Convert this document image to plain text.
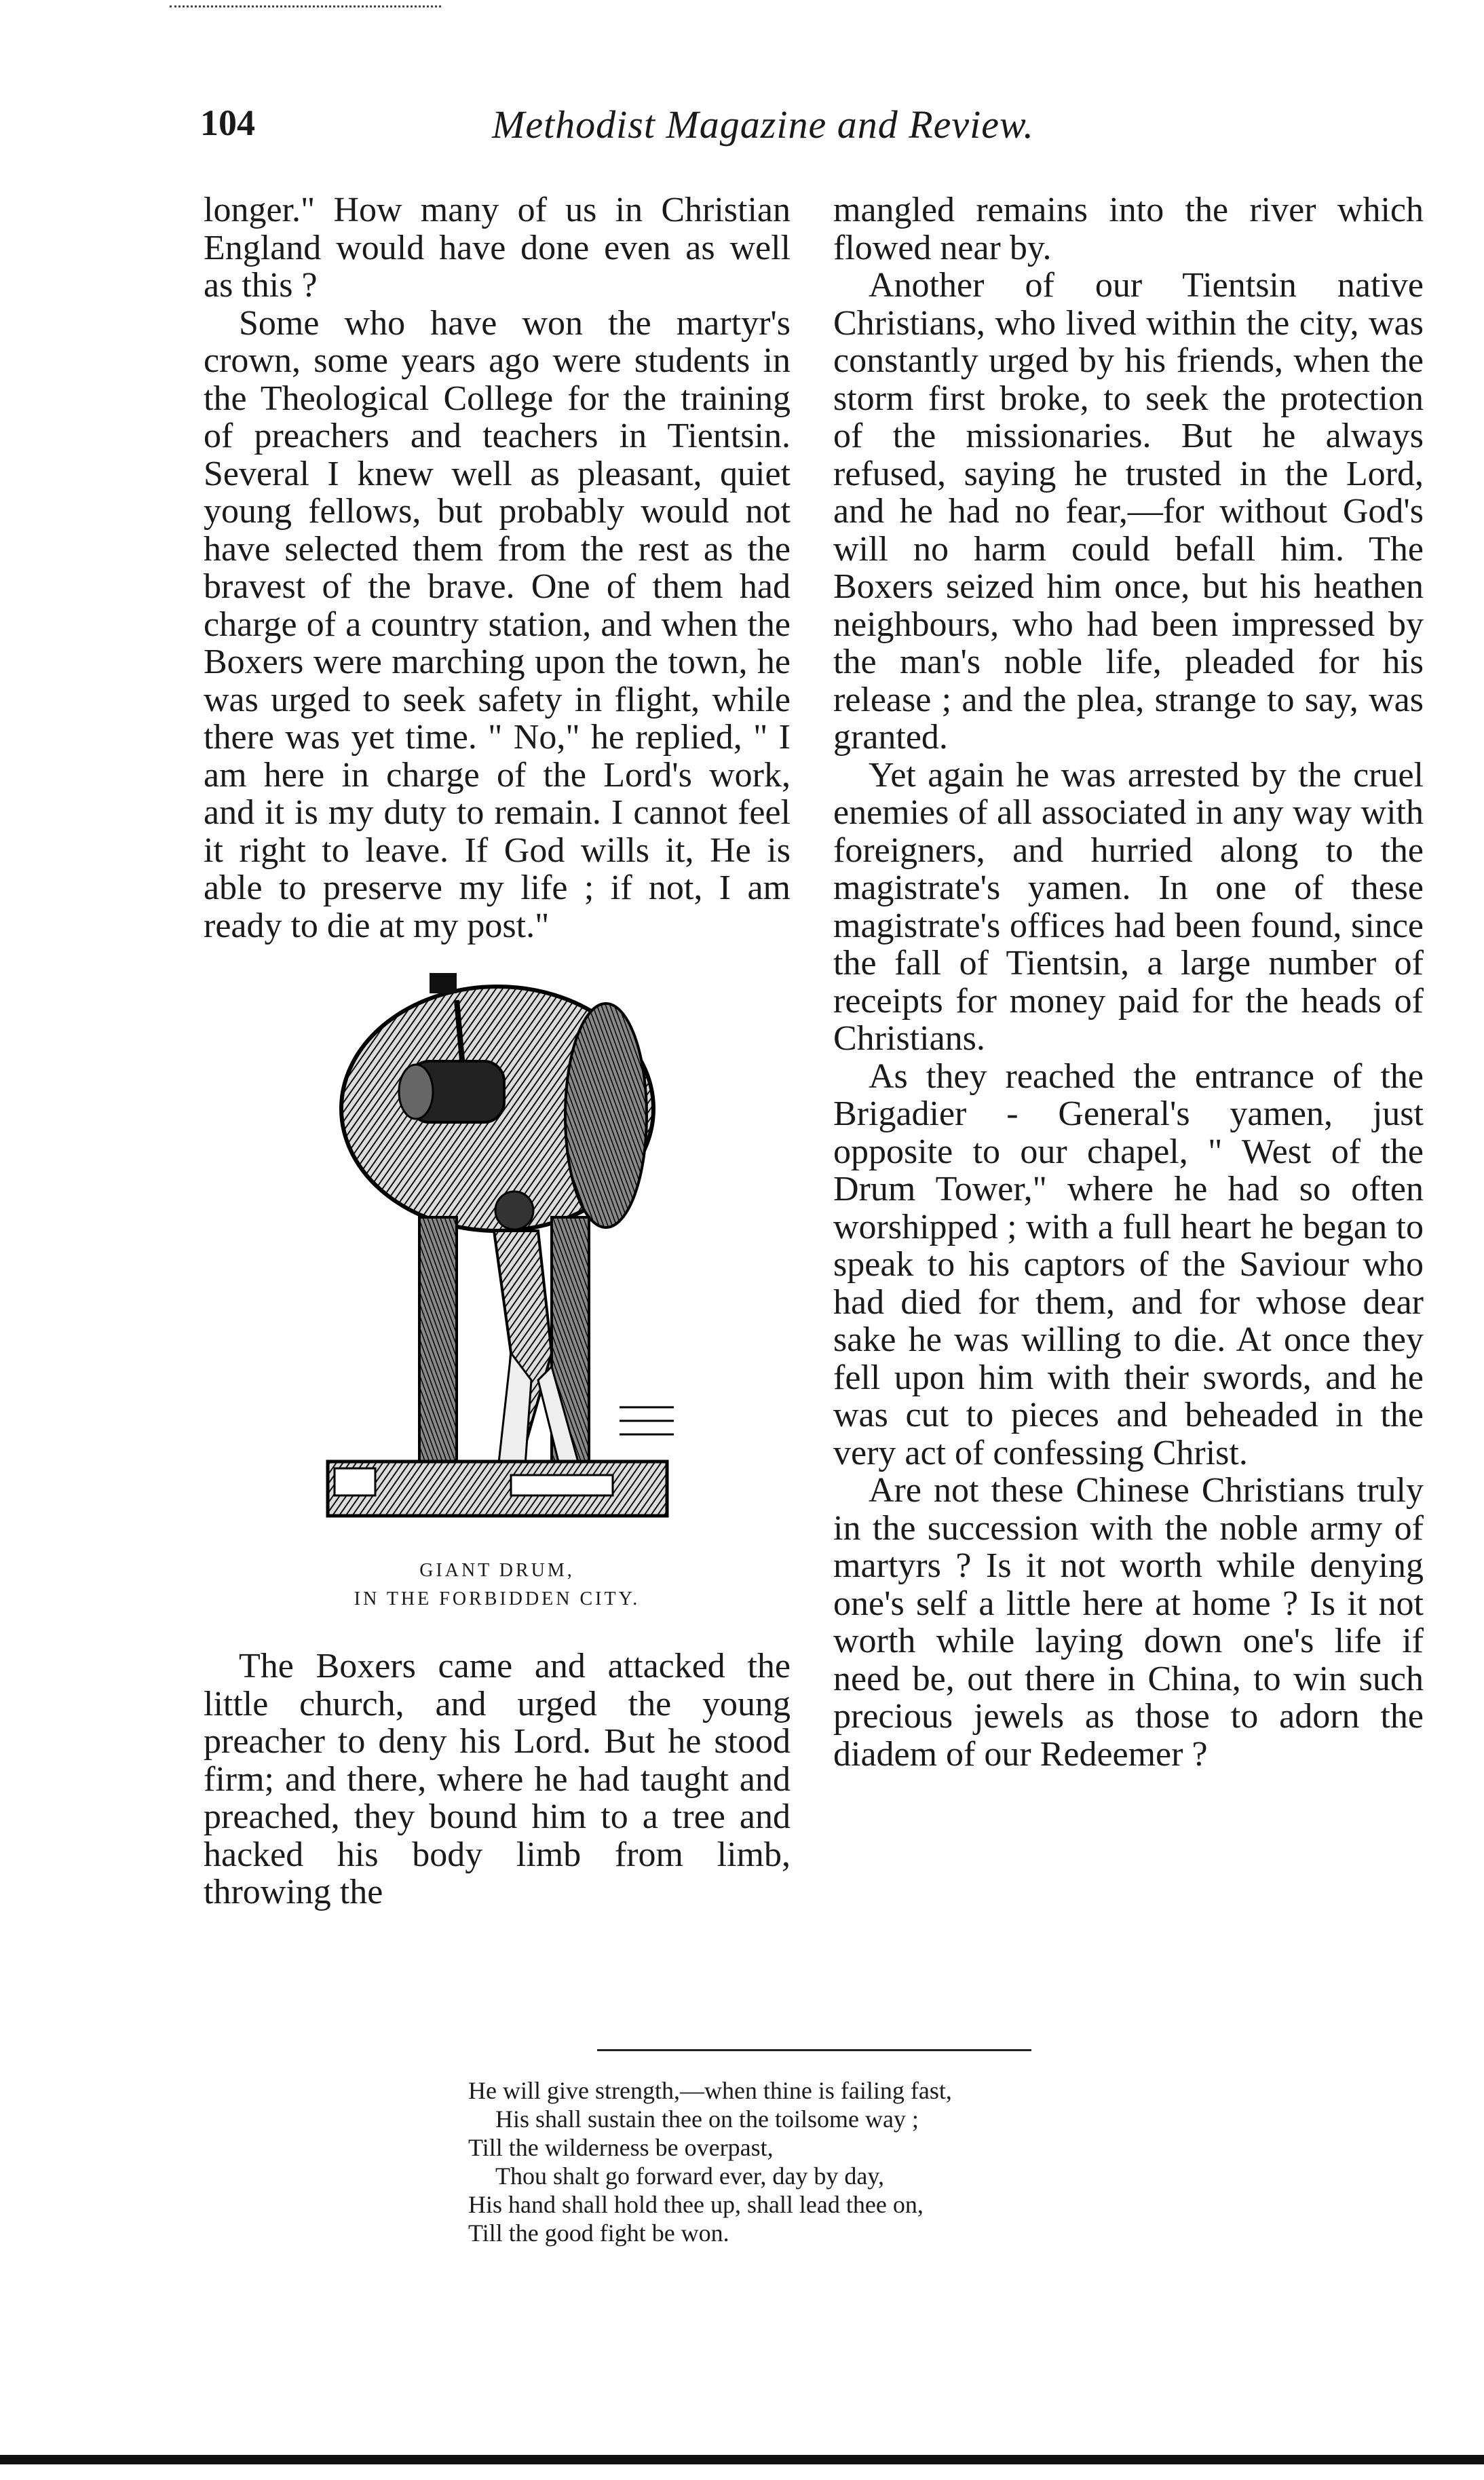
104	Methodist Magazine and Review.

longer." How many of us in Christian England would have done even as well as this ?

Some who have won the martyr's crown, some years ago were students in the Theological College for the training of preachers and teachers in Tientsin. Several I knew well as pleasant, quiet young fellows, but probably would not have selected them from the rest as the bravest of the brave. One of them had charge of a country station, and when the Boxers were marching upon the town, he was urged to seek safety in flight, while there was yet time. " No," he replied, " I am here in charge of the Lord's work, and it is my duty to remain. I cannot feel it right to leave. If God wills it, He is able to preserve my life ; if not, I am ready to die at my post."

GIANT DRUM,
IN THE FORBIDDEN CITY.

The Boxers came and attacked the little church, and urged the young preacher to deny his Lord. But he stood firm; and there, where he had taught and preached, they bound him to a tree and hacked his body limb from limb, throwing the

mangled remains into the river which flowed near by.

Another of our Tientsin native Christians, who lived within the city, was constantly urged by his friends, when the storm first broke, to seek the protection of the missionaries. But he always refused, saying he trusted in the Lord, and he had no fear,—for without God's will no harm could befall him. The Boxers seized him once, but his heathen neighbours, who had been impressed by the man's noble life, pleaded for his release ; and the plea, strange to say, was granted.

Yet again he was arrested by the cruel enemies of all associated in any way with foreigners, and hurried along to the magistrate's yamen. In one of these magistrate's offices had been found, since the fall of Tientsin, a large number of receipts for money paid for the heads of Christians.

As they reached the entrance of the Brigadier - General's yamen, just opposite to our chapel, " West of the Drum Tower," where he had so often worshipped ; with a full heart he began to speak to his captors of the Saviour who had died for them, and for whose dear sake he was willing to die. At once they fell upon him with their swords, and he was cut to pieces and beheaded in the very act of confessing Christ.

Are not these Chinese Christians truly in the succession with the noble army of martyrs ? Is it not worth while denying one's self a little here at home ? Is it not worth while laying down one's life if need be, out there in China, to win such precious jewels as those to adorn the diadem of our Redeemer ?

He will give strength,—when thine is failing fast,
His shall sustain thee on the toilsome way ;
Till the wilderness be overpast,
Thou shalt go forward ever, day by day,
His hand shall hold thee up, shall lead thee on,
Till the good fight be won.
